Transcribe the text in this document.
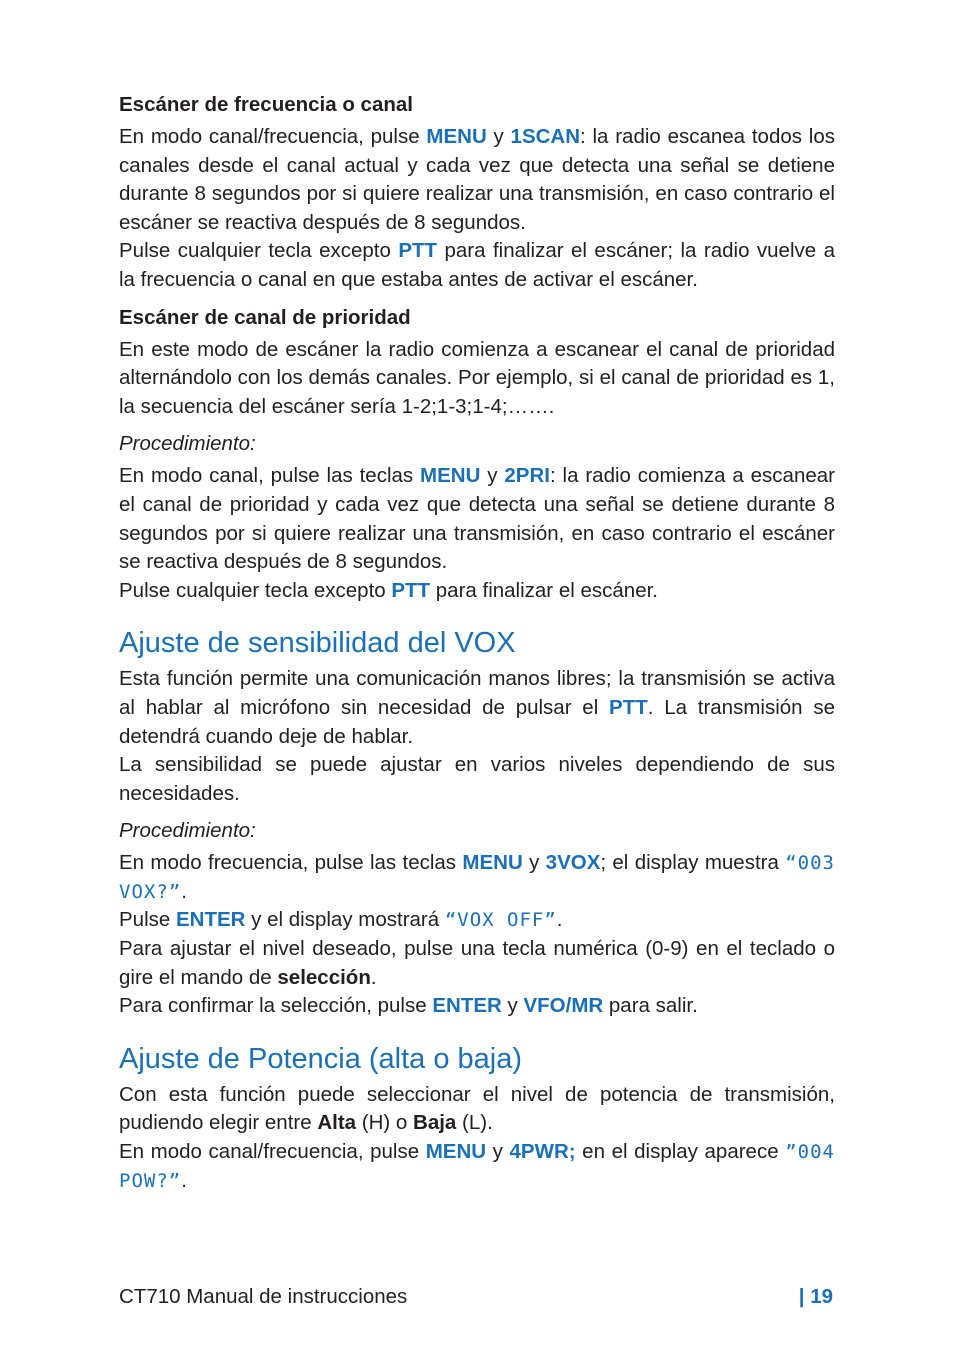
Escáner de frecuencia o canal

En modo canal/frecuencia, pulse MENU y 1SCAN: la radio escanea todos los canales desde el canal actual y cada vez que detecta una señal se detiene durante 8 segundos por si quiere realizar una transmisión, en caso contrario el escáner se reactiva después de 8 segundos.

Pulse cualquier tecla excepto PTT para finalizar el escáner; la radio vuelve a la frecuencia o canal en que estaba antes de activar el escáner.

Escáner de canal de prioridad

En este modo de escáner la radio comienza a escanear el canal de prioridad alternándolo con los demás canales. Por ejemplo, si el canal de prioridad es 1, la secuencia del escáner sería 1-2;1-3;1-4;…….

Procedimiento:

En modo canal, pulse las teclas MENU y 2PRI: la radio comienza a escanear el canal de prioridad y cada vez que detecta una señal se detiene durante 8 segundos por si quiere realizar una transmisión, en caso contrario el escáner se reactiva después de 8 segundos.

Pulse cualquier tecla excepto PTT para finalizar el escáner.

Ajuste de sensibilidad del VOX

Esta función permite una comunicación manos libres; la transmisión se activa al hablar al micrófono sin necesidad de pulsar el PTT. La transmisión se detendrá cuando deje de hablar.

La sensibilidad se puede ajustar en varios niveles dependiendo de sus necesidades.

Procedimiento:

En modo frecuencia, pulse las teclas MENU y 3VOX; el display muestra “003 VOX?”.

Pulse ENTER y el display mostrará “VOX OFF”.

Para ajustar el nivel deseado, pulse una tecla numérica (0-9) en el teclado o gire el mando de selección.

Para confirmar la selección, pulse ENTER y VFO/MR para salir.

Ajuste de Potencia (alta o baja)

Con esta función puede seleccionar el nivel de potencia de transmisión, pudiendo elegir entre Alta (H) o Baja (L).

En modo canal/frecuencia, pulse MENU y 4PWR; en el display aparece ”004 POW?”.

CT710 Manual de instrucciones	| 19
